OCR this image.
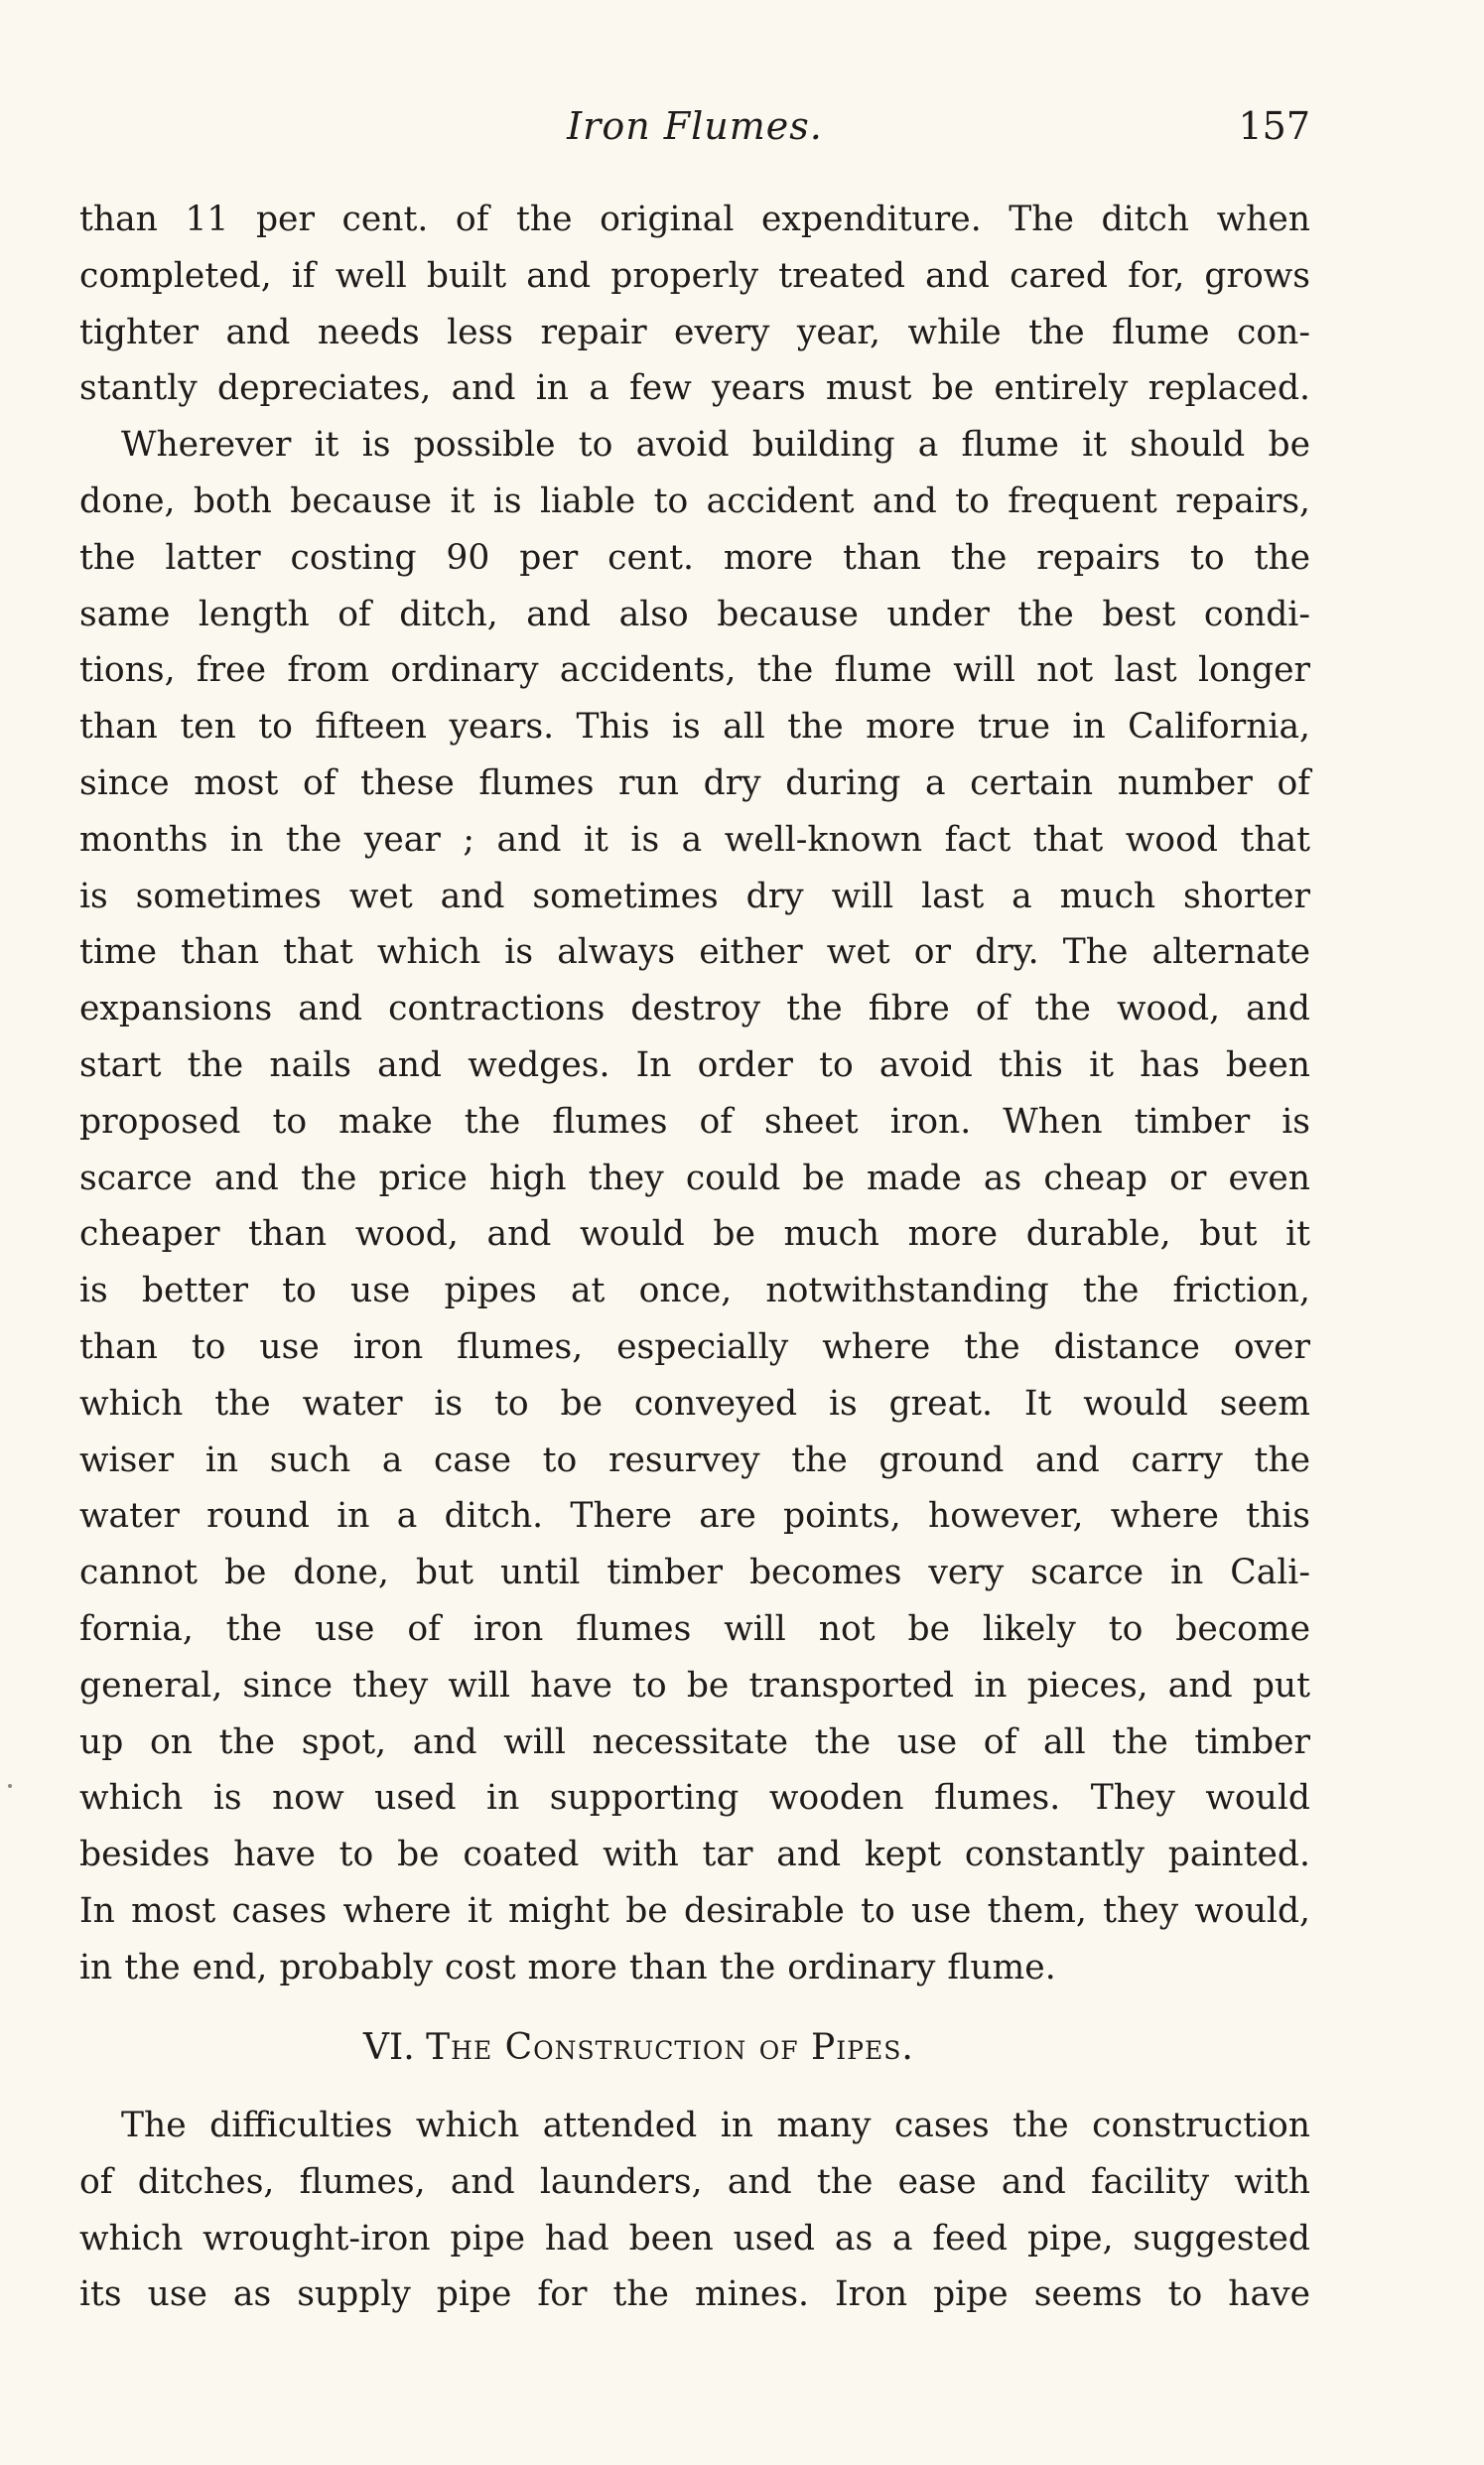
Iron Flumes.	157
than 11 per cent. of the original expenditure. The ditch when
completed, if well built and properly treated and cared for, grows
tighter and needs less repair every year, while the flume con-
stantly depreciates, and in a few years must be entirely replaced.
Wherever it is possible to avoid building a flume it should be
done, both because it is liable to accident and to frequent repairs,
the latter costing 90 per cent. more than the repairs to the
same length of ditch, and also because under the best condi-
tions, free from ordinary accidents, the flume will not last longer
than ten to fifteen years. This is all the more true in California,
since most of these flumes run dry during a certain number of
months in the year ; and it is a well-known fact that wood that
is sometimes wet and sometimes dry will last a much shorter
time than that which is always either wet or dry. The alternate
expansions and contractions destroy the fibre of the wood, and
start the nails and wedges. In order to avoid this it has been
proposed to make the flumes of sheet iron. When timber is
scarce and the price high they could be made as cheap or even
cheaper than wood, and would be much more durable, but it
is better to use pipes at once, notwithstanding the friction,
than to use iron flumes, especially where the distance over
which the water is to be conveyed is great. It would seem
wiser in such a case to resurvey the ground and carry the
water round in a ditch. There are points, however, where this
cannot be done, but until timber becomes very scarce in Cali-
fornia, the use of iron flumes will not be likely to become
general, since they will have to be transported in pieces, and put
up on the spot, and will necessitate the use of all the timber
which is now used in supporting wooden flumes. They would
besides have to be coated with tar and kept constantly painted.
In most cases where it might be desirable to use them, they would,
in the end, probably cost more than the ordinary flume.
VI. The Construction of Pipes.
The difficulties which attended in many cases the construction
of ditches, flumes, and launders, and the ease and facility with
which wrought-iron pipe had been used as a feed pipe, suggested
its use as supply pipe for the mines. Iron pipe seems to have
